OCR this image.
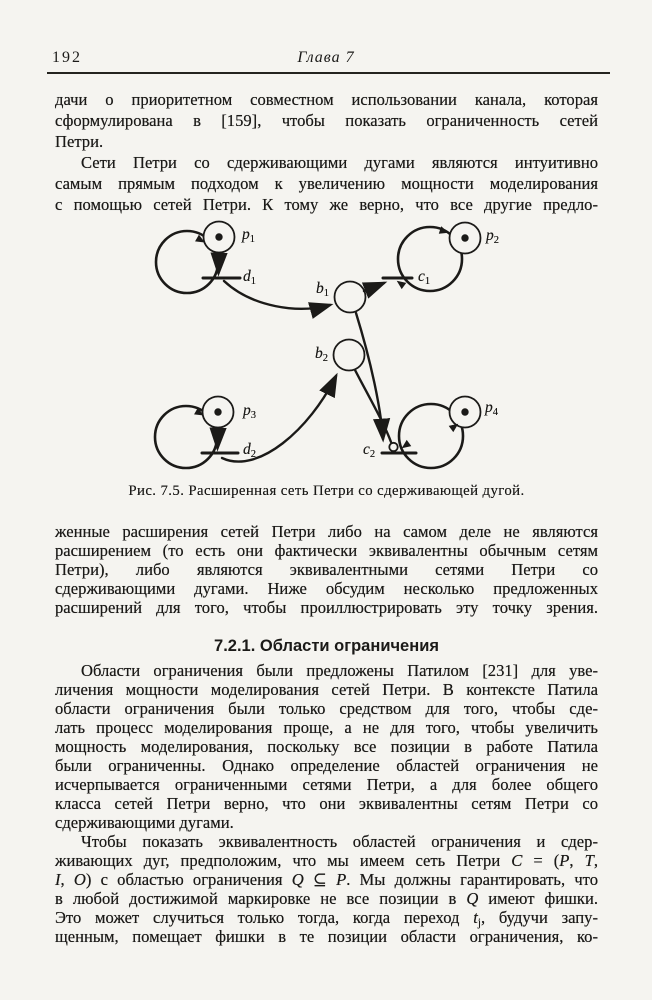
192	Глава 7
дачи о приоритетном совместном использовании канала, которая
сформулирована в [159], чтобы показать ограниченность сетей
Петри.
Сети Петри со сдерживающими дугами являются интуитивно
самым прямым подходом к увеличению мощности моделирования
с помощью сетей Петри. К тому же верно, что все другие предло-
$p_1$
$d_1$	$b_1$
$c_1$
$p_2$
$b_2$
$p_3$
$d_2$	$c_2$
$p_4$
Рис. 7.5. Расширенная сеть Петри со сдерживающей дугой.
женные расширения сетей Петри либо на самом деле не являются
расширением (то есть они фактически эквивалентны обычным сетям
Петри), либо являются эквивалентными сетями Петри со
сдерживающими дугами. Ниже обсудим несколько предложенных
расширений для того, чтобы проиллюстрировать эту точку зрения.
7.2.1. Области ограничения
Области ограничения были предложены Патилом [231] для уве-
личения мощности моделирования сетей Петри. В контексте Патила
области ограничения были только средством для того, чтобы сде-
лать процесс моделирования проще, а не для того, чтобы увеличить
мощность моделирования, поскольку все позиции в работе Патила
были ограниченны. Однако определение областей ограничения не
исчерпывается ограниченными сетями Петри, а для более общего
класса сетей Петри верно, что они эквивалентны сетям Петри со
сдерживающими дугами.
Чтобы показать эквивалентность областей ограничения и сдер-
живающих дуг, предположим, что мы имеем сеть Петри C = (P, T,
I, O) с областью ограничения Q ⊆ P. Мы должны гарантировать, что
в любой достижимой маркировке не все позиции в Q имеют фишки.
Это может случиться только тогда, когда переход $t_j$, будучи запу-
щенным, помещает фишки в те позиции области ограничения, ко-
